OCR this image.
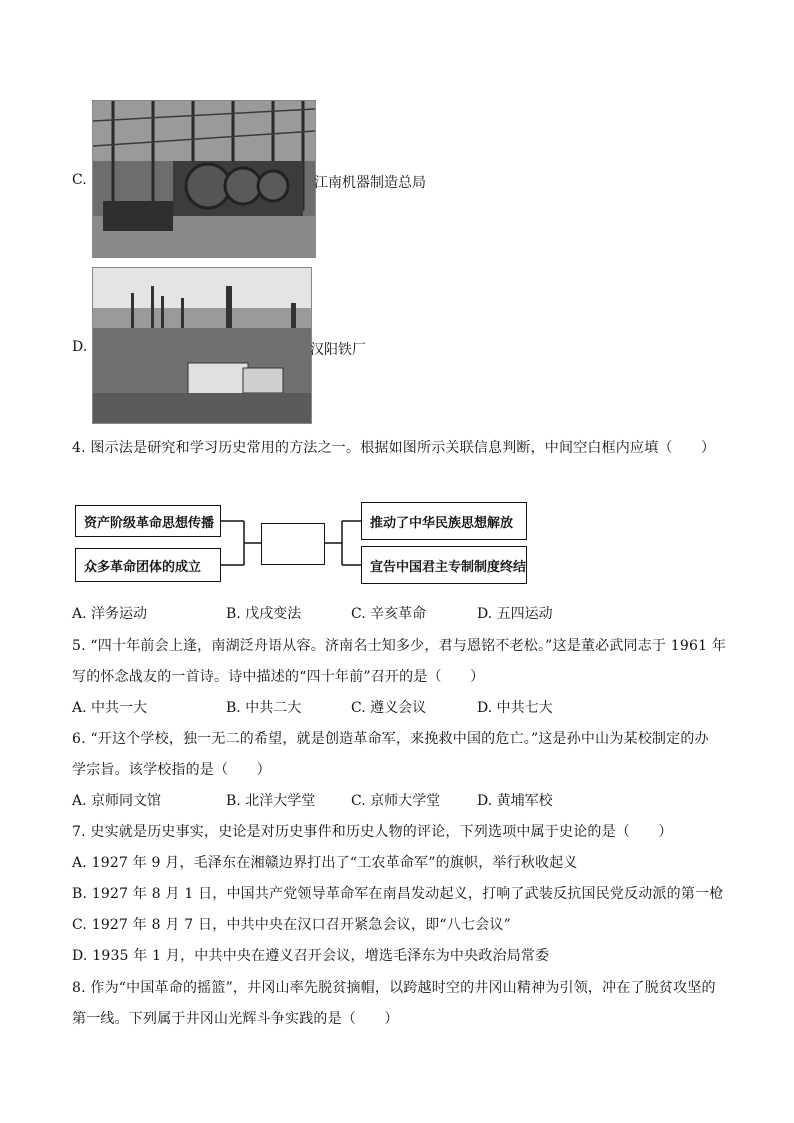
C.	江南机器制造总局
D.	汉阳铁厂
4. 图示法是研究和学习历史常用的方法之一。根据如图所示关联信息判断，中间空白框内应填（　　）
资产阶级革命思想传播
众多革命团体的成立
推动了中华民族思想解放
宣告中国君主专制制度终结
A. 洋务运动	B. 戊戌变法	C. 辛亥革命	D. 五四运动
5. “四十年前会上逢，南湖泛舟语从容。济南名士知多少，君与恩铭不老松。”这是董必武同志于 1961 年
写的怀念战友的一首诗。诗中描述的“四十年前”召开的是（　　）
A. 中共一大	B. 中共二大	C. 遵义会议	D. 中共七大
6. “开这个学校，独一无二的希望，就是创造革命军，来挽救中国的危亡。”这是孙中山为某校制定的办
学宗旨。该学校指的是（　　）
A. 京师同文馆	B. 北洋大学堂	C. 京师大学堂	D. 黄埔军校
7. 史实就是历史事实，史论是对历史事件和历史人物的评论，下列选项中属于史论的是（　　）
A. 1927 年 9 月，毛泽东在湘赣边界打出了“工农革命军”的旗帜，举行秋收起义
B. 1927 年 8 月 1 日，中国共产党领导革命军在南昌发动起义，打响了武装反抗国民党反动派的第一枪
C. 1927 年 8 月 7 日，中共中央在汉口召开紧急会议，即“八七会议”
D. 1935 年 1 月，中共中央在遵义召开会议，增选毛泽东为中央政治局常委
8. 作为“中国革命的摇篮”，井冈山率先脱贫摘帽，以跨越时空的井冈山精神为引领，冲在了脱贫攻坚的
第一线。下列属于井冈山光辉斗争实践的是（　　）
